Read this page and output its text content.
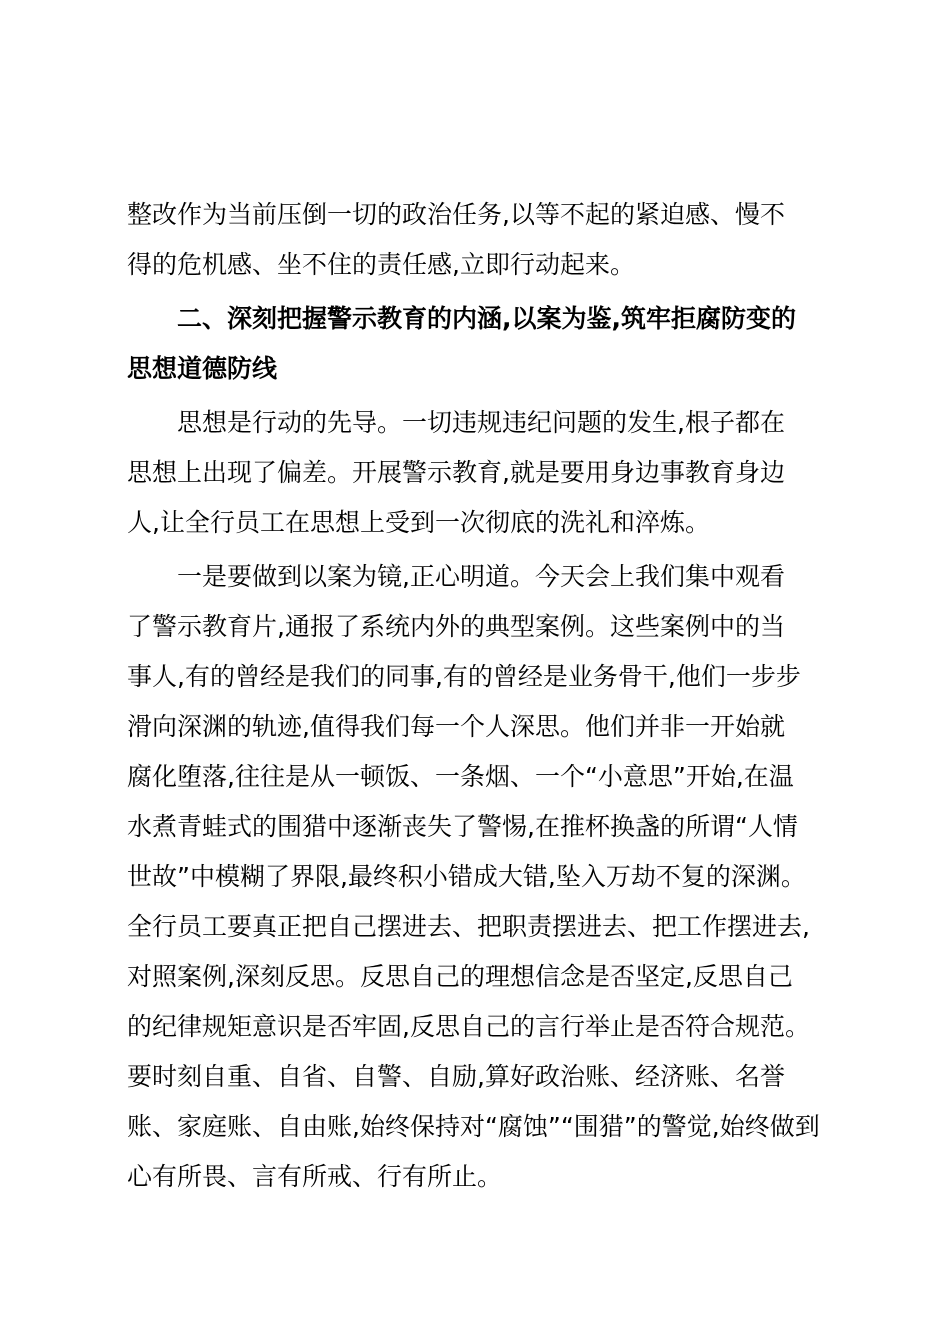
整改作为当前压倒一切的政治任务,以等不起的紧迫感、慢不
得的危机感、坐不住的责任感,立即行动起来。

二、深刻把握警示教育的内涵,以案为鉴,筑牢拒腐防变的
思想道德防线

思想是行动的先导。一切违规违纪问题的发生,根子都在
思想上出现了偏差。开展警示教育,就是要用身边事教育身边
人,让全行员工在思想上受到一次彻底的洗礼和淬炼。

一是要做到以案为镜,正心明道。今天会上我们集中观看
了警示教育片,通报了系统内外的典型案例。这些案例中的当
事人,有的曾经是我们的同事,有的曾经是业务骨干,他们一步步
滑向深渊的轨迹,值得我们每一个人深思。他们并非一开始就
腐化堕落,往往是从一顿饭、一条烟、一个“小意思”开始,在温
水煮青蛙式的围猎中逐渐丧失了警惕,在推杯换盏的所谓“人情
世故”中模糊了界限,最终积小错成大错,坠入万劫不复的深渊。
全行员工要真正把自己摆进去、把职责摆进去、把工作摆进去,
对照案例,深刻反思。反思自己的理想信念是否坚定,反思自己
的纪律规矩意识是否牢固,反思自己的言行举止是否符合规范。
要时刻自重、自省、自警、自励,算好政治账、经济账、名誉
账、家庭账、自由账,始终保持对“腐蚀”“围猎”的警觉,始终做到
心有所畏、言有所戒、行有所止。
